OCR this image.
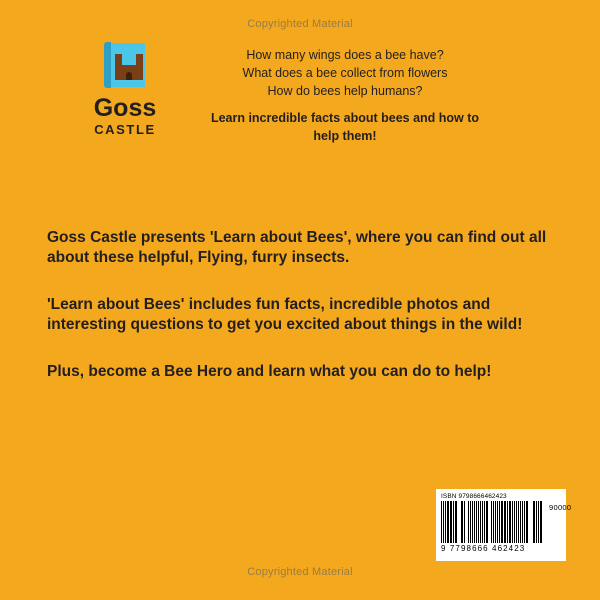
Copyrighted Material
Goss
CASTLE
How many wings does a bee have?
What does a bee collect from flowers
How do bees help humans?
Learn incredible facts about bees and how to help them!

Goss Castle presents 'Learn about Bees', where you can find out all about these helpful, Flying, furry insects.

'Learn about Bees' includes fun facts, incredible photos and interesting questions to get you excited about things in the wild!

Plus, become a Bee Hero and learn what you can do to help!

ISBN 9798666462423
90000
9 7798666 462423
Copyrighted Material
